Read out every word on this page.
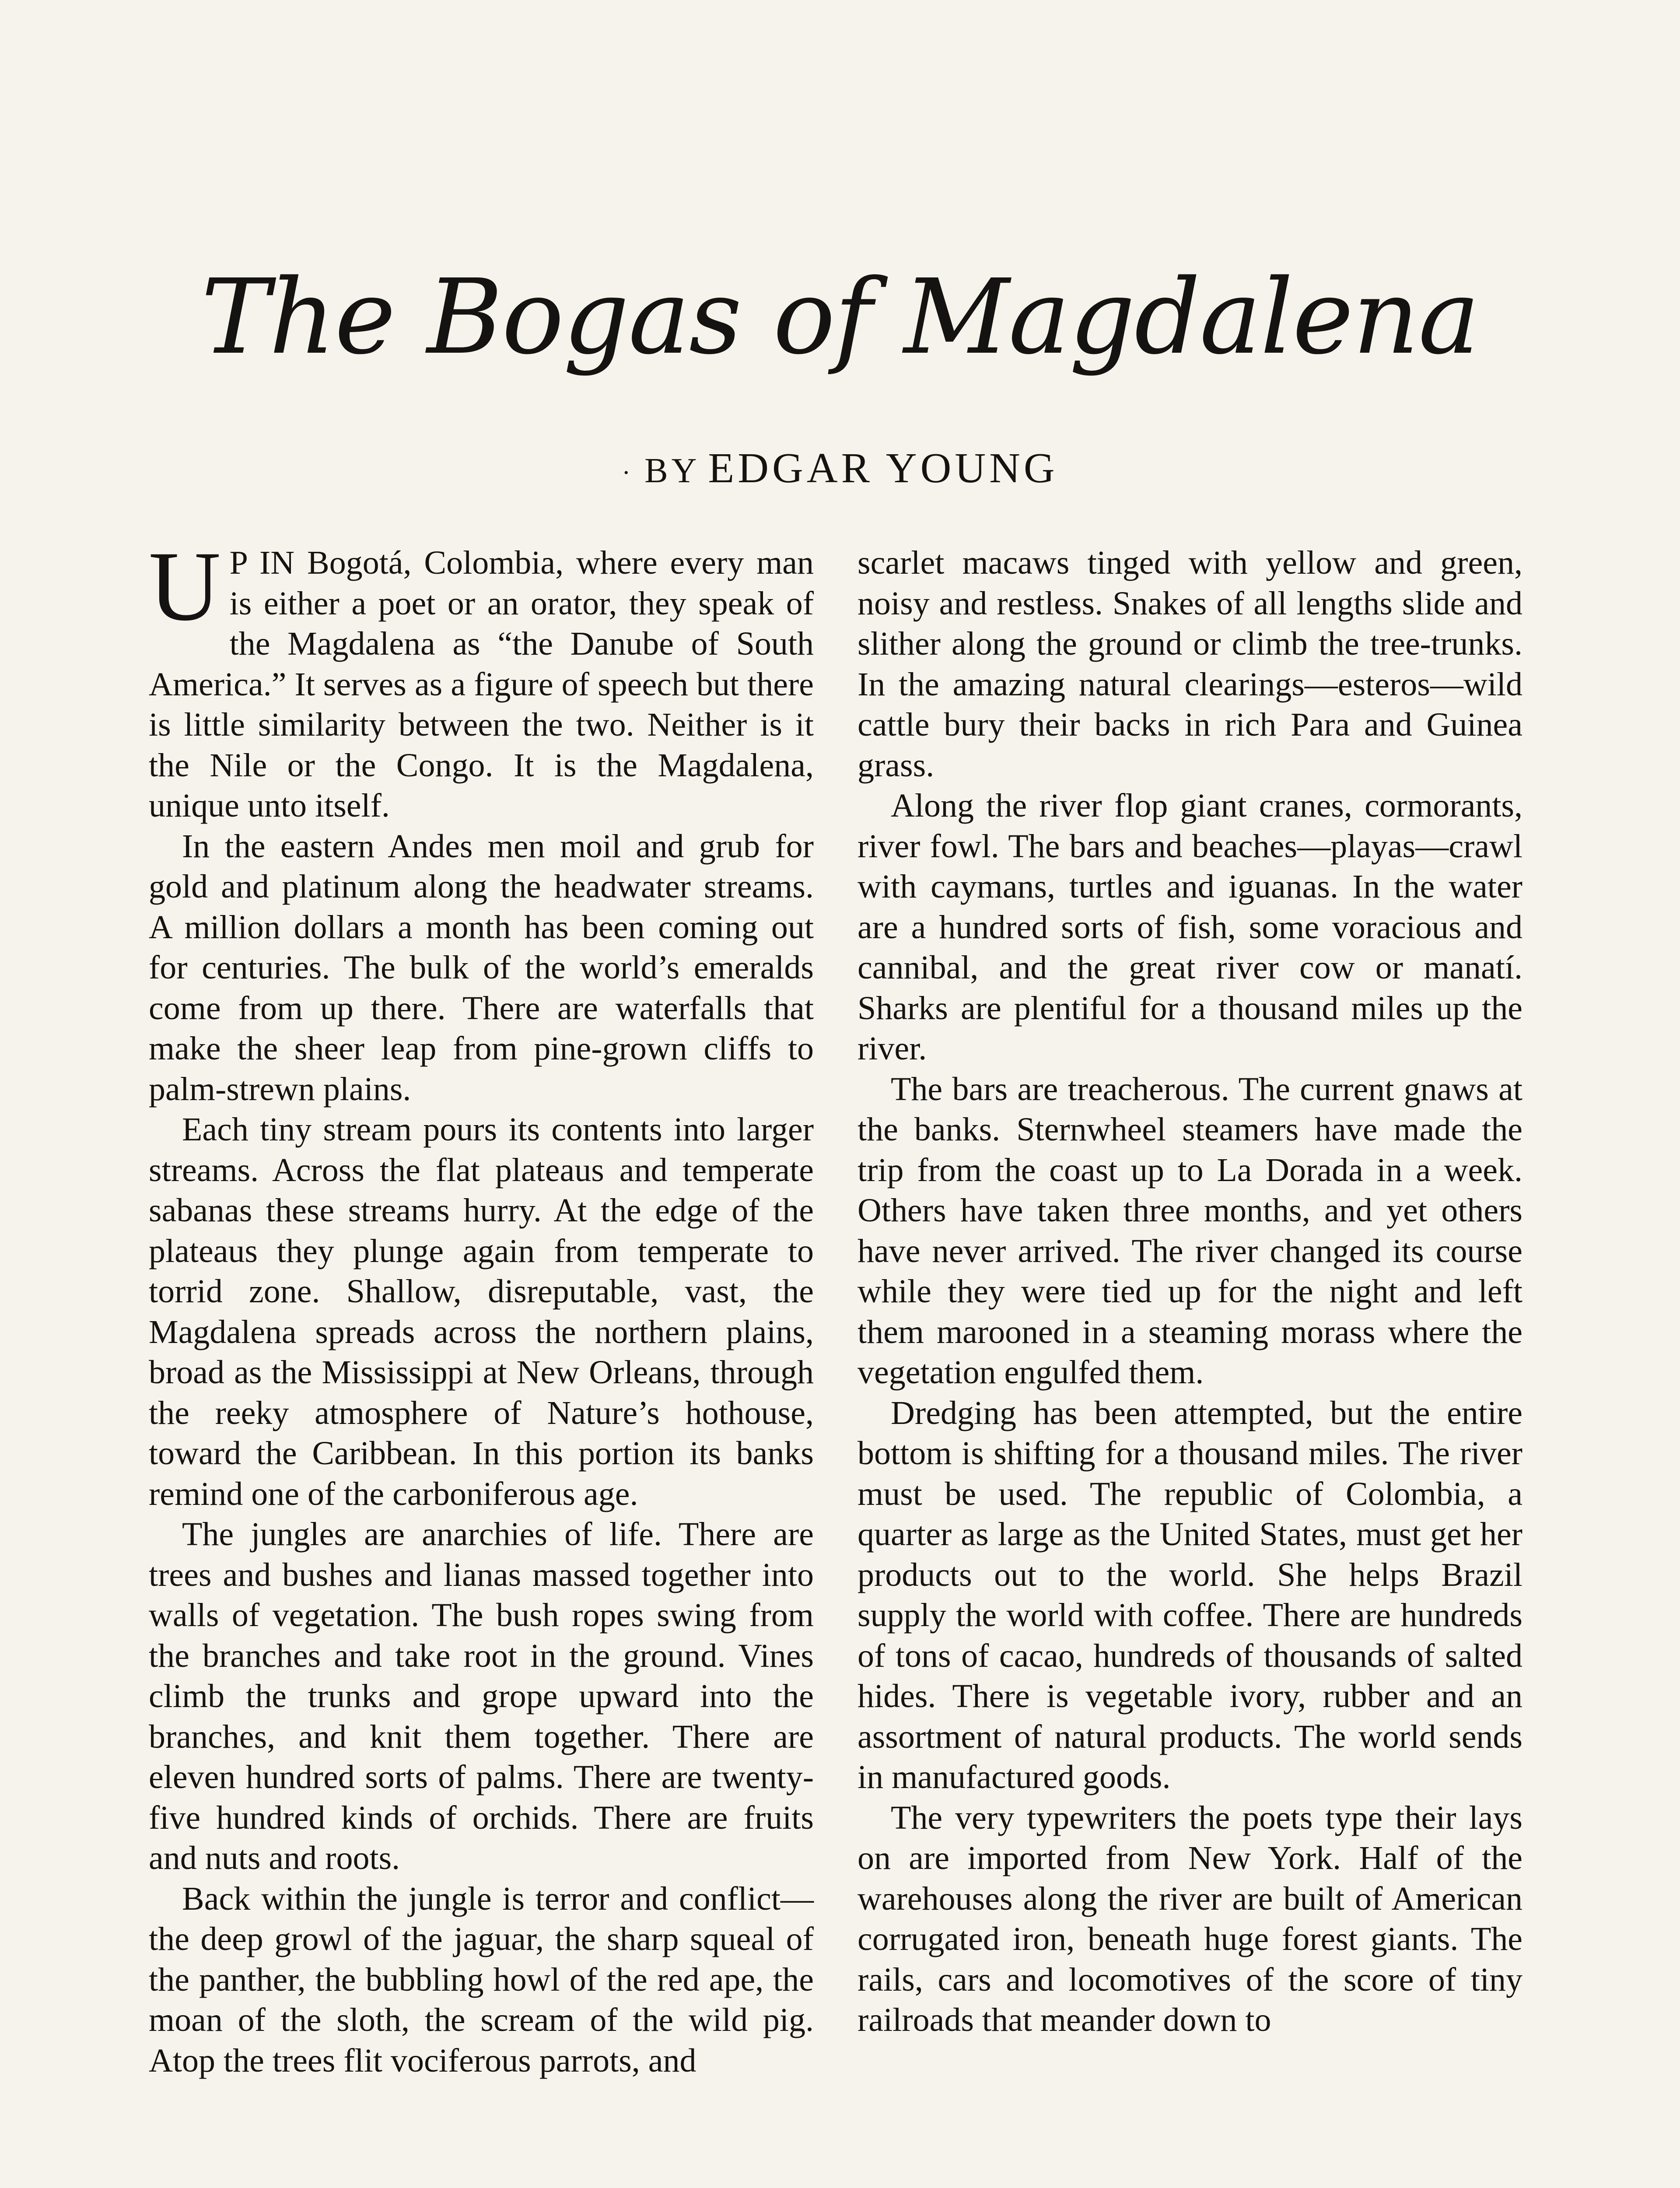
The Bogas of Magdalena
· BY EDGAR YOUNG

U P IN Bogotá, Colombia, where every man is either a poet or an orator, they speak of the Magdalena as “the Danube of South America.” It serves as a figure of speech but there is little similarity between the two. Neither is it the Nile or the Congo. It is the Magdalena, unique unto itself.

In the eastern Andes men moil and grub for gold and platinum along the headwater streams. A million dollars a month has been coming out for centuries. The bulk of the world’s emeralds come from up there. There are waterfalls that make the sheer leap from pine-grown cliffs to palm-strewn plains.

Each tiny stream pours its contents into larger streams. Across the flat plateaus and temperate sabanas these streams hurry. At the edge of the plateaus they plunge again from temperate to torrid zone. Shallow, disreputable, vast, the Magdalena spreads across the northern plains, broad as the Mississippi at New Orleans, through the reeky atmosphere of Nature’s hothouse, toward the Caribbean. In this portion its banks remind one of the carboniferous age.

The jungles are anarchies of life. There are trees and bushes and lianas massed together into walls of vegetation. The bush ropes swing from the branches and take root in the ground. Vines climb the trunks and grope upward into the branches, and knit them together. There are eleven hundred sorts of palms. There are twenty-five hundred kinds of orchids. There are fruits and nuts and roots.

Back within the jungle is terror and conflict—the deep growl of the jaguar, the sharp squeal of the panther, the bubbling howl of the red ape, the moan of the sloth, the scream of the wild pig. Atop the trees flit vociferous parrots, and

scarlet macaws tinged with yellow and green, noisy and restless. Snakes of all lengths slide and slither along the ground or climb the tree-trunks. In the amazing natural clearings—esteros—wild cattle bury their backs in rich Para and Guinea grass.

Along the river flop giant cranes, cormorants, river fowl. The bars and beaches—playas—crawl with caymans, turtles and iguanas. In the water are a hundred sorts of fish, some voracious and cannibal, and the great river cow or manatí. Sharks are plentiful for a thousand miles up the river.

The bars are treacherous. The current gnaws at the banks. Sternwheel steamers have made the trip from the coast up to La Dorada in a week. Others have taken three months, and yet others have never arrived. The river changed its course while they were tied up for the night and left them marooned in a steaming morass where the vegetation engulfed them.

Dredging has been attempted, but the entire bottom is shifting for a thousand miles. The river must be used. The republic of Colombia, a quarter as large as the United States, must get her products out to the world. She helps Brazil supply the world with coffee. There are hundreds of tons of cacao, hundreds of thousands of salted hides. There is vegetable ivory, rubber and an assortment of natural products. The world sends in manufactured goods.

The very typewriters the poets type their lays on are imported from New York. Half of the warehouses along the river are built of American corrugated iron, beneath huge forest giants. The rails, cars and locomotives of the score of tiny railroads that meander down to
